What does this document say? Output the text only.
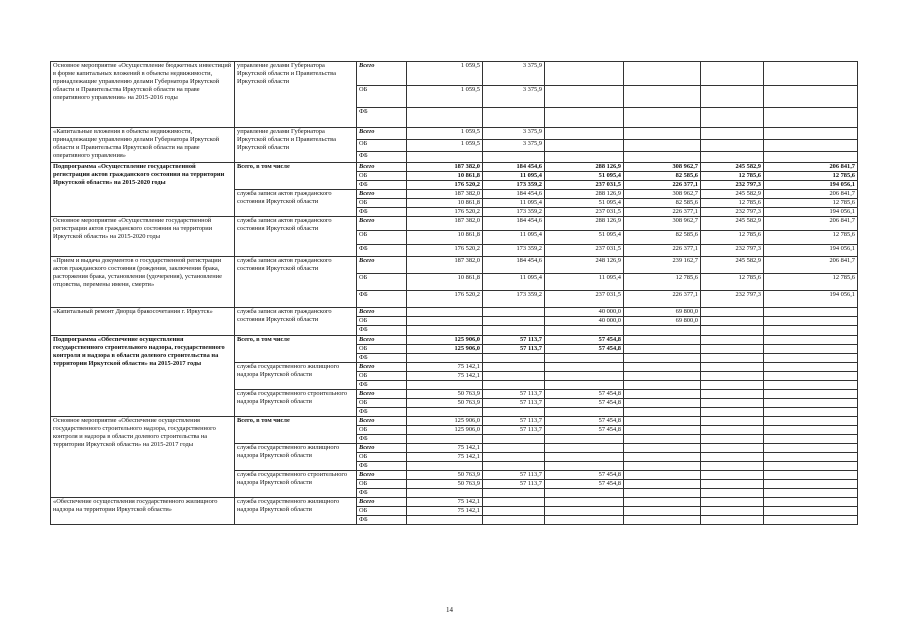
Основное мероприятие «Осуществление бюджетных инвестиций в форме капитальных вложений в объекты недвижимости, принадлежащие управлению делами Губернатора Иркутской области и Правительства Иркутской области на праве оперативного управления» на 2015-2016 годы	управление делами Губернатора Иркутской области и Правительства Иркутской области	Всего	1 059,5	3 375,9				
		ОБ	1 059,5	3 375,9				
		ФБ						
«Капитальные вложения в объекты недвижимости, принадлежащие управлению делами Губернатора Иркутской области и Правительства Иркутской области на праве оперативного управления»	управление делами Губернатора Иркутской области и Правительства Иркутской области	Всего	1 059,5	3 375,9				
		ОБ	1 059,5	3 375,9				
		ФБ						
Подпрограмма «Осуществление государственной регистрации актов гражданского состояния на территории Иркутской области» на 2015-2020 годы	Всего, в том числе	Всего	187 382,0	184 454,6	288 126,9	308 962,7	245 582,9	206 841,7
		ОБ	10 861,8	11 095,4	51 095,4	82 585,6	12 785,6	12 785,6
		ФБ	176 520,2	173 359,2	237 031,5	226 377,1	232 797,3	194 056,1
	служба записи актов гражданского состояния Иркутской области	Всего	187 382,0	184 454,6	288 126,9	308 962,7	245 582,9	206 841,7
		ОБ	10 861,8	11 095,4	51 095,4	82 585,6	12 785,6	12 785,6
		ФБ	176 520,2	173 359,2	237 031,5	226 377,1	232 797,3	194 056,1
Основное мероприятие «Осуществление государственной регистрации актов гражданского состояния на территории Иркутской области» на 2015-2020 годы	служба записи актов гражданского состояния Иркутской области	Всего	187 382,0	184 454,6	288 126,9	308 962,7	245 582,9	206 841,7
		ОБ	10 861,8	11 095,4	51 095,4	82 585,6	12 785,6	12 785,6
		ФБ	176 520,2	173 359,2	237 031,5	226 377,1	232 797,3	194 056,1
«Прием и выдача документов о государственной регистрации актов гражданского состояния (рождения, заключения брака, расторжения брака, установления (удочерения), установление отцовства, перемены имени, смерти»	служба записи актов гражданского состояния Иркутской области	Всего	187 382,0	184 454,6	248 126,9	239 162,7	245 582,9	206 841,7
		ОБ	10 861,8	11 095,4	11 095,4	12 785,6	12 785,6	12 785,6
		ФБ	176 520,2	173 359,2	237 031,5	226 377,1	232 797,3	194 056,1
«Капитальный ремонт Дворца бракосочетания г. Иркутск»	служба записи актов гражданского состояния Иркутской области	Всего			40 000,0	69 800,0		
		ОБ			40 000,0	69 800,0		
		ФБ						
Подпрограмма «Обеспечение осуществления государственного строительного надзора, государственного контроля и надзора в области долевого строительства на территории Иркутской области» на 2015-2017 годы	Всего, в том числе	Всего	125 906,0	57 113,7	57 454,8			
		ОБ	125 906,0	57 113,7	57 454,8			
		ФБ						
	служба государственного жилищного надзора Иркутской области	Всего	75 142,1					
		ОБ	75 142,1					
		ФБ						
	служба государственного строительного надзора Иркутской области	Всего	50 763,9	57 113,7	57 454,8			
		ОБ	50 763,9	57 113,7	57 454,8			
		ФБ						
Основное мероприятие «Обеспечение осуществления государственного строительного надзора, государственного контроля и надзора в области долевого строительства на территории Иркутской области» на 2015-2017 годы	Всего, в том числе	Всего	125 906,0	57 113,7	57 454,8			
		ОБ	125 906,0	57 113,7	57 454,8			
		ФБ						
	служба государственного жилищного надзора Иркутской области	Всего	75 142,1					
		ОБ	75 142,1					
		ФБ						
	служба государственного строительного надзора Иркутской области	Всего	50 763,9	57 113,7	57 454,8			
		ОБ	50 763,9	57 113,7	57 454,8			
		ФБ						
«Обеспечение осуществления государственного жилищного надзора на территории Иркутской области»	служба государственного жилищного надзора Иркутской области	Всего	75 142,1					
		ОБ	75 142,1					
		ФБ						
14
